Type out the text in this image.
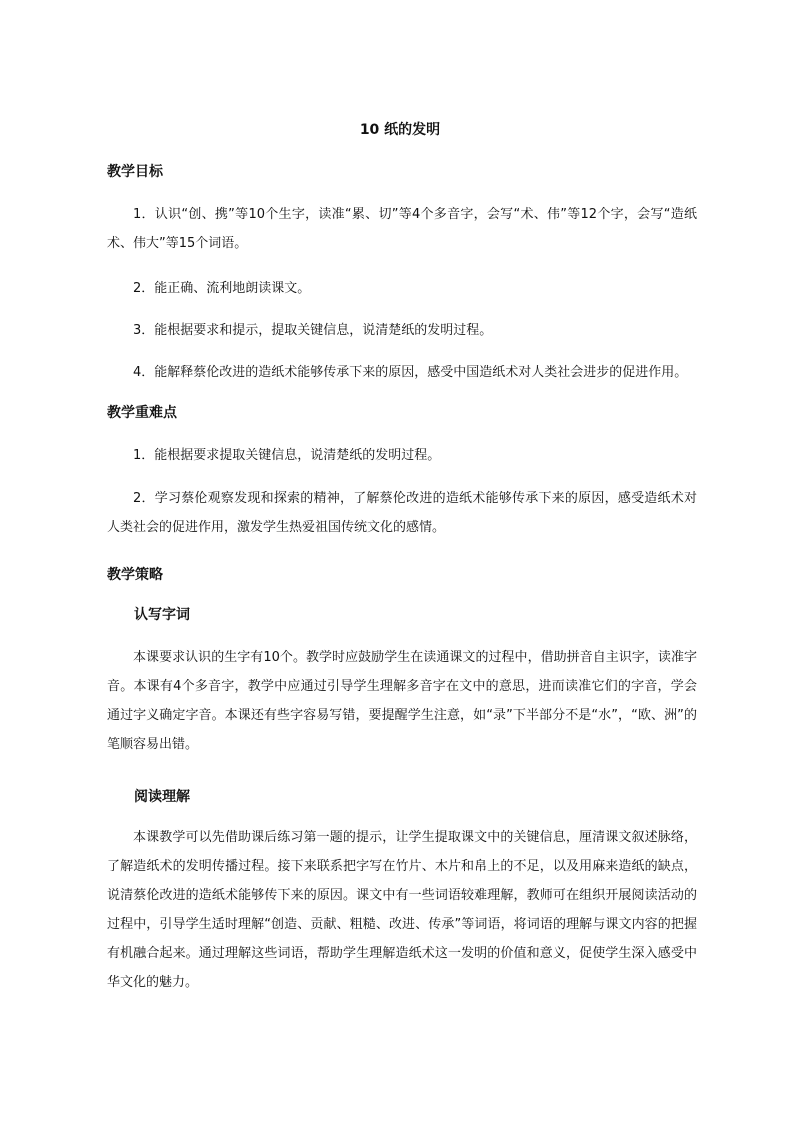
10 纸的发明
教学目标

1．认识“创、携”等10个生字，读准“累、切”等4个多音字，会写“术、伟”等12个字，会写“造纸术、伟大”等15个词语。

2．能正确、流利地朗读课文。

3．能根据要求和提示，提取关键信息，说清楚纸的发明过程。

4．能解释蔡伦改进的造纸术能够传承下来的原因，感受中国造纸术对人类社会进步的促进作用。

教学重难点

1．能根据要求提取关键信息，说清楚纸的发明过程。

2．学习蔡伦观察发现和探索的精神，了解蔡伦改进的造纸术能够传承下来的原因，感受造纸术对人类社会的促进作用，激发学生热爱祖国传统文化的感情。

教学策略
认写字词

本课要求认识的生字有10个。教学时应鼓励学生在读通课文的过程中，借助拼音自主识字，读准字音。本课有4个多音字，教学中应通过引导学生理解多音字在文中的意思，进而读准它们的字音，学会通过字义确定字音。本课还有些字容易写错，要提醒学生注意，如“录”下半部分不是“水”，“欧、洲”的笔顺容易出错。

阅读理解

本课教学可以先借助课后练习第一题的提示，让学生提取课文中的关键信息，厘清课文叙述脉络，了解造纸术的发明传播过程。接下来联系把字写在竹片、木片和帛上的不足，以及用麻来造纸的缺点，说清蔡伦改进的造纸术能够传下来的原因。课文中有一些词语较难理解，教师可在组织开展阅读活动的过程中，引导学生适时理解“创造、贡献、粗糙、改进、传承”等词语，将词语的理解与课文内容的把握有机融合起来。通过理解这些词语，帮助学生理解造纸术这一发明的价值和意义，促使学生深入感受中华文化的魅力。
